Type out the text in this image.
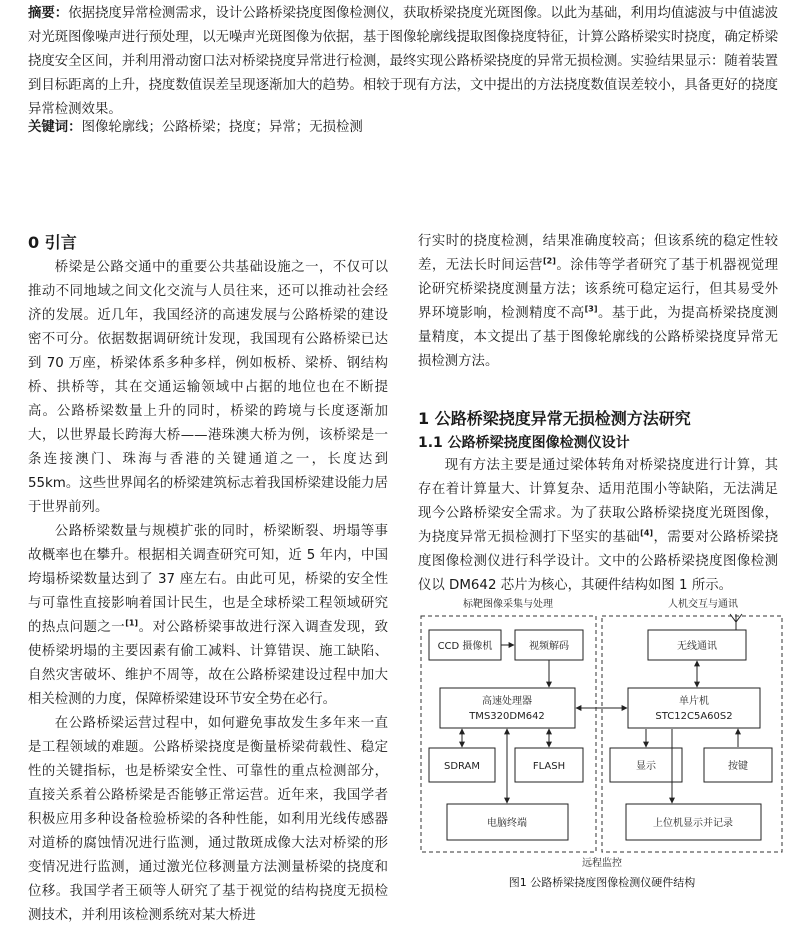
摘要：依据挠度异常检测需求，设计公路桥梁挠度图像检测仪，获取桥梁挠度光斑图像。以此为基础，利用均值滤波与中值滤波对光斑图像噪声进行预处理，以无噪声光斑图像为依据，基于图像轮廓线提取图像挠度特征，计算公路桥梁实时挠度，确定桥梁挠度安全区间，并利用滑动窗口法对桥梁挠度异常进行检测，最终实现公路桥梁挠度的异常无损检测。实验结果显示：随着装置到目标距离的上升，挠度数值误差呈现逐渐加大的趋势。相较于现有方法，文中提出的方法挠度数值误差较小，具备更好的挠度异常检测效果。
关键词：图像轮廓线；公路桥梁；挠度；异常；无损检测
0 引言

桥梁是公路交通中的重要公共基础设施之一，不仅可以推动不同地域之间文化交流与人员往来，还可以推动社会经济的发展。近几年，我国经济的高速发展与公路桥梁的建设密不可分。依据数据调研统计发现，我国现有公路桥梁已达到 70 万座，桥梁体系多种多样，例如板桥、梁桥、钢结构桥、拱桥等，其在交通运输领域中占据的地位也在不断提高。公路桥梁数量上升的同时，桥梁的跨境与长度逐渐加大，以世界最长跨海大桥——港珠澳大桥为例，该桥梁是一条连接澳门、珠海与香港的关键通道之一，长度达到 55km。这些世界闻名的桥梁建筑标志着我国桥梁建设能力居于世界前列。

公路桥梁数量与规模扩张的同时，桥梁断裂、坍塌等事故概率也在攀升。根据相关调查研究可知，近 5 年内，中国垮塌桥梁数量达到了 37 座左右。由此可见，桥梁的安全性与可靠性直接影响着国计民生，也是全球桥梁工程领域研究的热点问题之一[1]。对公路桥梁事故进行深入调查发现，致使桥梁坍塌的主要因素有偷工减料、计算错误、施工缺陷、自然灾害破坏、维护不周等，故在公路桥梁建设过程中加大相关检测的力度，保障桥梁建设环节安全势在必行。

在公路桥梁运营过程中，如何避免事故发生多年来一直是工程领域的难题。公路桥梁挠度是衡量桥梁荷载性、稳定性的关键指标，也是桥梁安全性、可靠性的重点检测部分，直接关系着公路桥梁是否能够正常运营。近年来，我国学者积极应用多种设备检验桥梁的各种性能，如利用光线传感器对道桥的腐蚀情况进行监测，通过散斑成像大法对桥梁的形变情况进行监测，通过激光位移测量方法测量桥梁的挠度和位移。我国学者王硕等人研究了基于视觉的结构挠度无损检测技术，并利用该检测系统对某大桥进

行实时的挠度检测，结果准确度较高；但该系统的稳定性较差，无法长时间运营[2]。涂伟等学者研究了基于机器视觉理论研究桥梁挠度测量方法；该系统可稳定运行，但其易受外界环境影响，检测精度不高[3]。基于此，为提高桥梁挠度测量精度，本文提出了基于图像轮廓线的公路桥梁挠度异常无损检测方法。

1 公路桥梁挠度异常无损检测方法研究
1.1 公路桥梁挠度图像检测仪设计

现有方法主要是通过梁体转角对桥梁挠度进行计算，其存在着计算量大、计算复杂、适用范围小等缺陷，无法满足现今公路桥梁安全需求。为了获取公路桥梁挠度光斑图像，为挠度异常无损检测打下坚实的基础[4]，需要对公路桥梁挠度图像检测仪进行科学设计。文中的公路桥梁挠度图像检测仪以 DM642 芯片为核心，其硬件结构如图 1 所示。

标靶图像采集与处理	人机交互与通讯
CCD 摄像机	视频解码
高速处理器
TMS320DM642
SDRAM	FLASH
电脑终端
无线通讯
单片机
STC12C5A60S2
显示	按键
上位机显示并记录
远程监控
图1 公路桥梁挠度图像检测仪硬件结构
